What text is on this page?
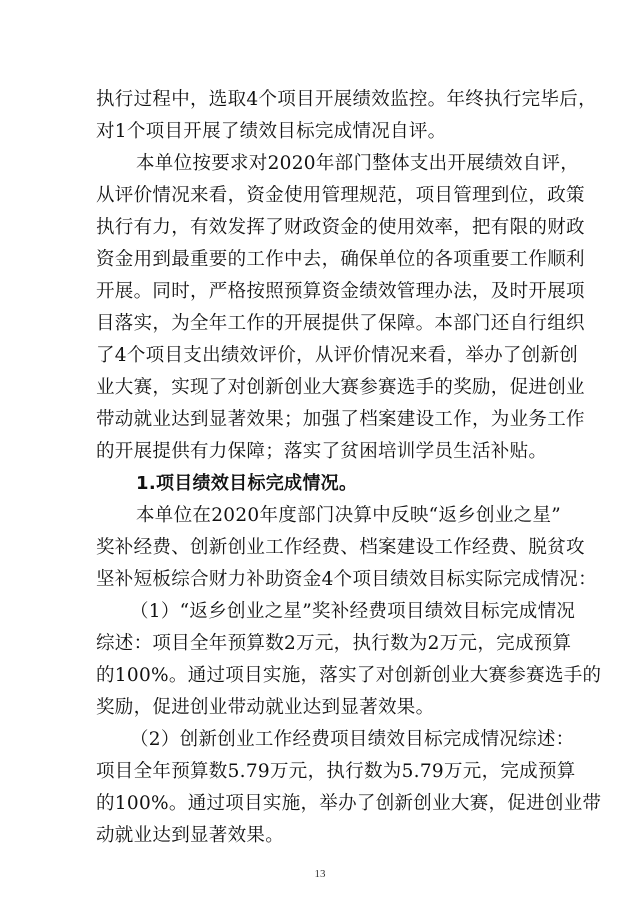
执行过程中，选取4个项目开展绩效监控。年终执行完毕后，
对1个项目开展了绩效目标完成情况自评。
本单位按要求对2020年部门整体支出开展绩效自评，
从评价情况来看，资金使用管理规范，项目管理到位，政策
执行有力，有效发挥了财政资金的使用效率，把有限的财政
资金用到最重要的工作中去，确保单位的各项重要工作顺利
开展。同时，严格按照预算资金绩效管理办法，及时开展项
目落实，为全年工作的开展提供了保障。本部门还自行组织
了4个项目支出绩效评价，从评价情况来看，举办了创新创
业大赛，实现了对创新创业大赛参赛选手的奖励，促进创业
带动就业达到显著效果；加强了档案建设工作，为业务工作
的开展提供有力保障；落实了贫困培训学员生活补贴。
1.项目绩效目标完成情况。
本单位在2020年度部门决算中反映“返乡创业之星”
奖补经费、创新创业工作经费、档案建设工作经费、脱贫攻
坚补短板综合财力补助资金4个项目绩效目标实际完成情况：
（1）“返乡创业之星”奖补经费项目绩效目标完成情况
综述：项目全年预算数2万元，执行数为2万元，完成预算
的100%。通过项目实施，落实了对创新创业大赛参赛选手的
奖励，促进创业带动就业达到显著效果。
（2）创新创业工作经费项目绩效目标完成情况综述：
项目全年预算数5.79万元，执行数为5.79万元，完成预算
的100%。通过项目实施，举办了创新创业大赛，促进创业带
动就业达到显著效果。
13
